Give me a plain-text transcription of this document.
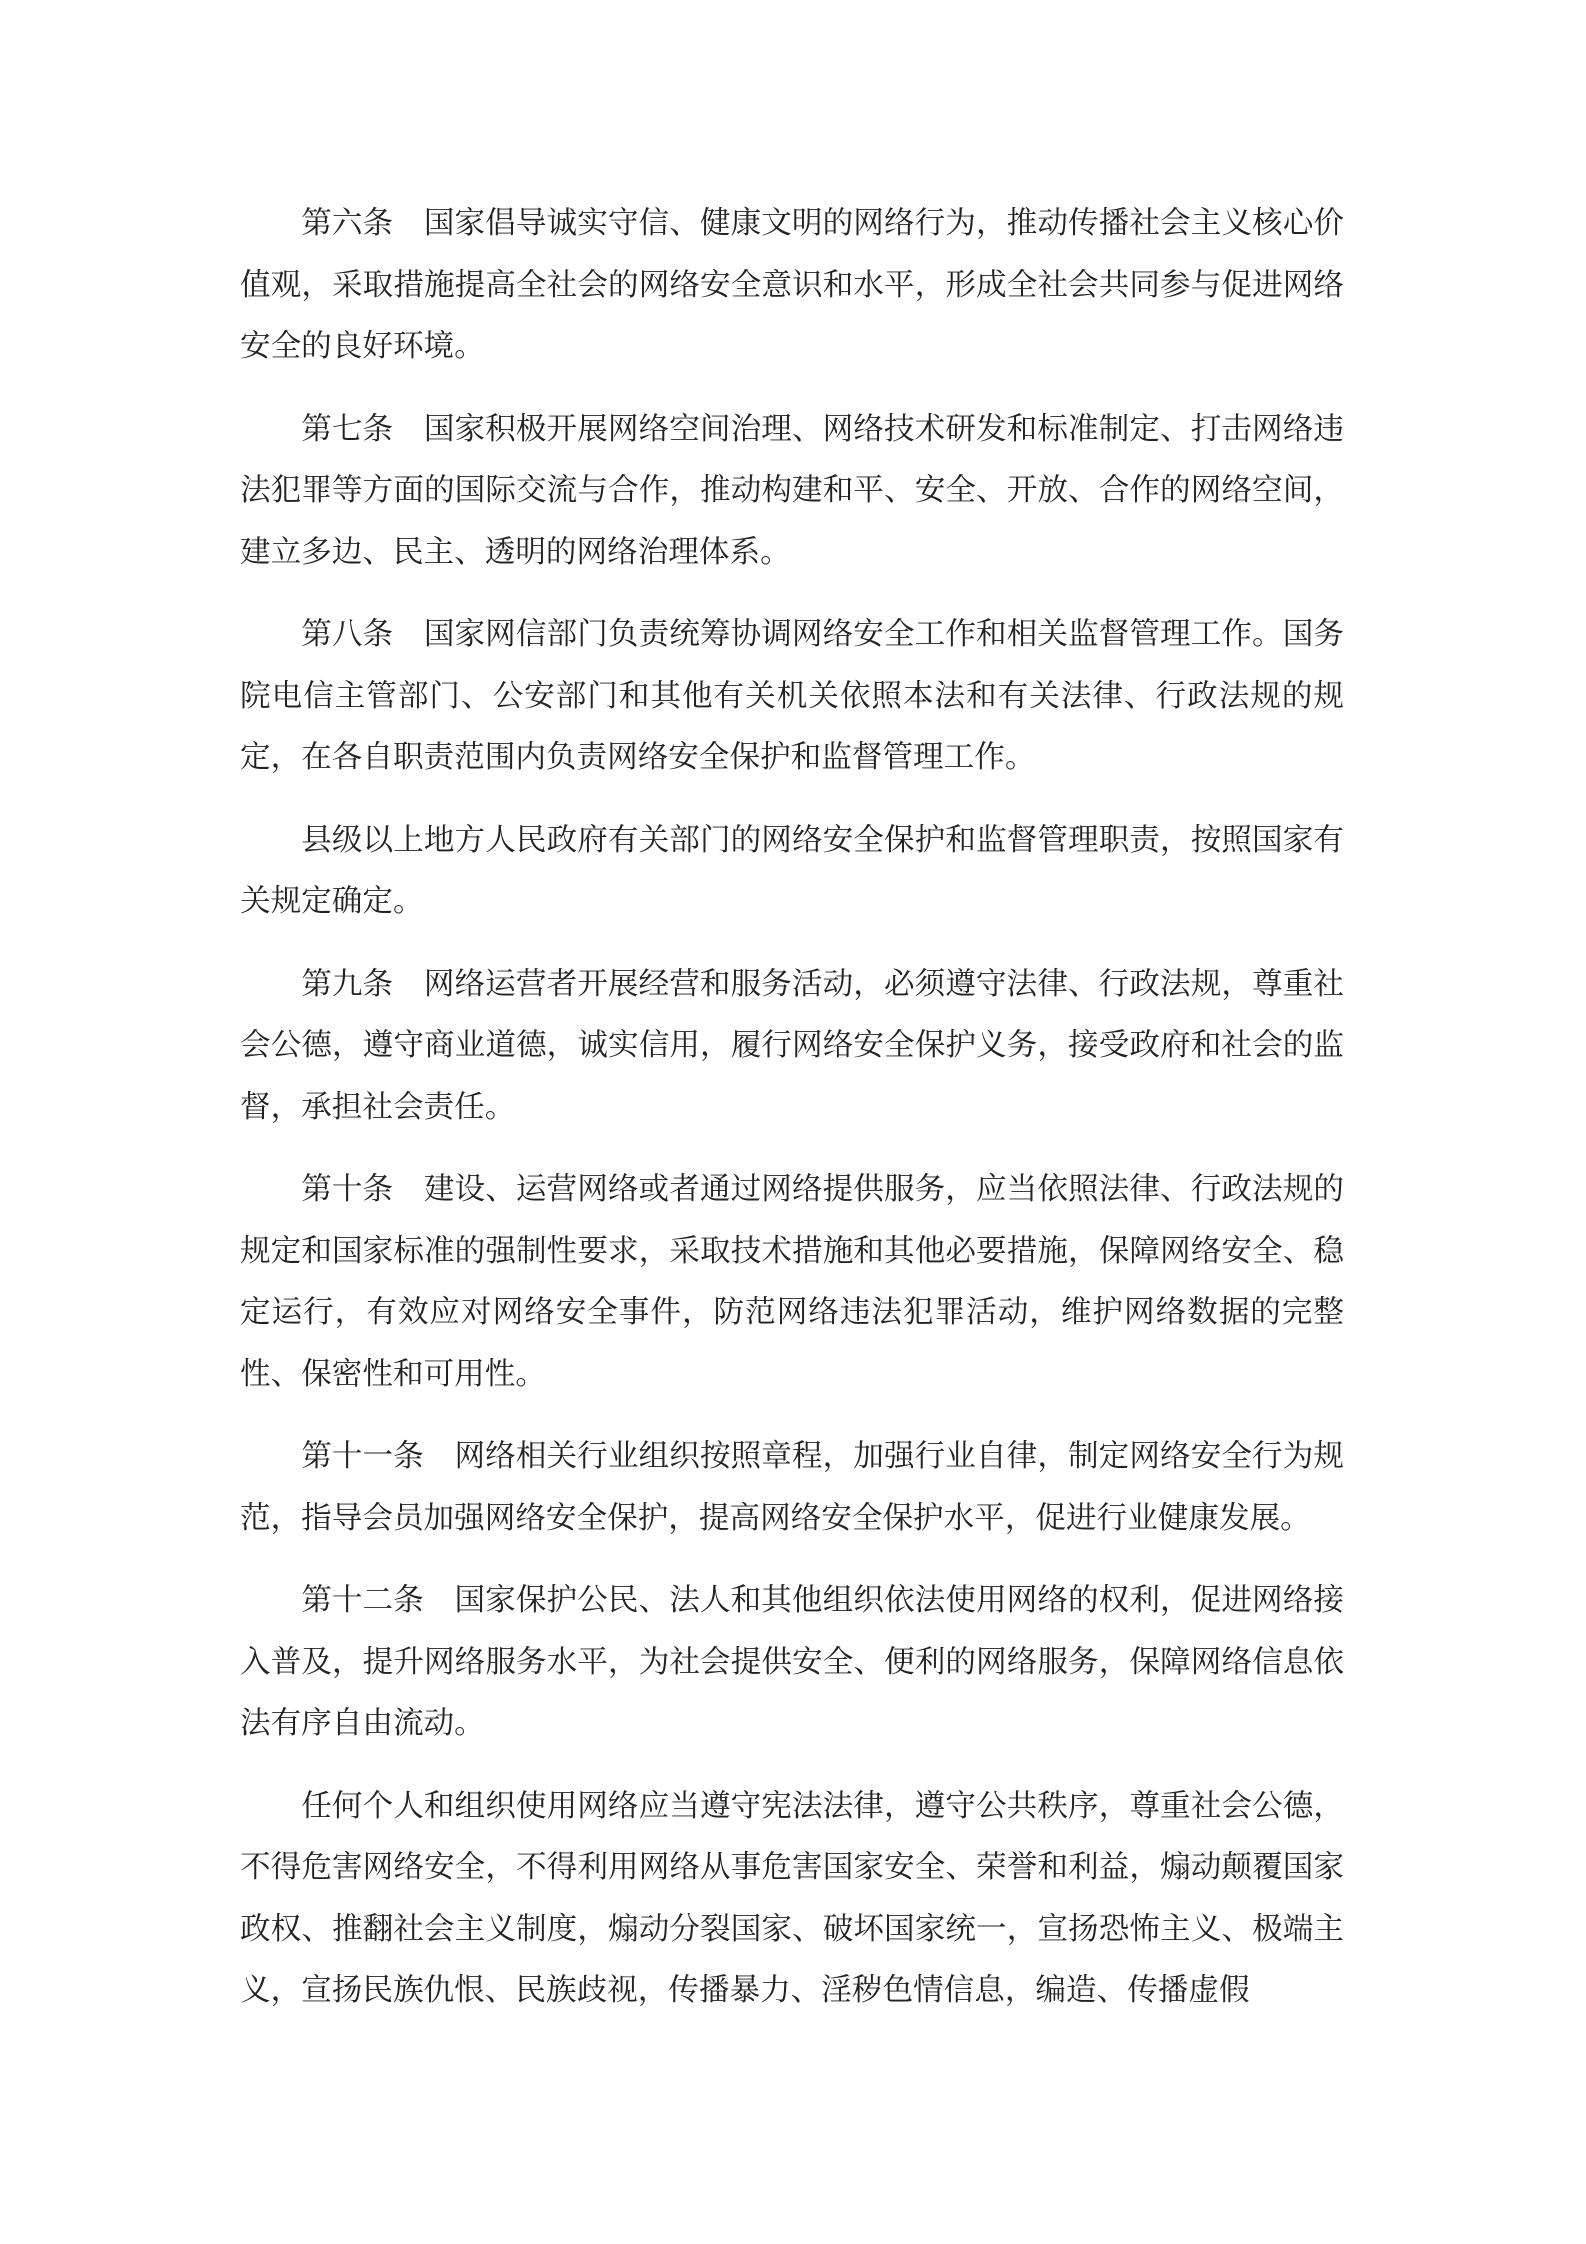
第六条 国家倡导诚实守信、健康文明的网络行为，推动传播社会主义核心价值观，采取措施提高全社会的网络安全意识和水平，形成全社会共同参与促进网络安全的良好环境。

第七条 国家积极开展网络空间治理、网络技术研发和标准制定、打击网络违法犯罪等方面的国际交流与合作，推动构建和平、安全、开放、合作的网络空间，建立多边、民主、透明的网络治理体系。

第八条 国家网信部门负责统筹协调网络安全工作和相关监督管理工作。国务院电信主管部门、公安部门和其他有关机关依照本法和有关法律、行政法规的规定，在各自职责范围内负责网络安全保护和监督管理工作。

县级以上地方人民政府有关部门的网络安全保护和监督管理职责，按照国家有关规定确定。

第九条 网络运营者开展经营和服务活动，必须遵守法律、行政法规，尊重社会公德，遵守商业道德，诚实信用，履行网络安全保护义务，接受政府和社会的监督，承担社会责任。

第十条 建设、运营网络或者通过网络提供服务，应当依照法律、行政法规的规定和国家标准的强制性要求，采取技术措施和其他必要措施，保障网络安全、稳定运行，有效应对网络安全事件，防范网络违法犯罪活动，维护网络数据的完整性、保密性和可用性。

第十一条 网络相关行业组织按照章程，加强行业自律，制定网络安全行为规范，指导会员加强网络安全保护，提高网络安全保护水平，促进行业健康发展。

第十二条 国家保护公民、法人和其他组织依法使用网络的权利，促进网络接入普及，提升网络服务水平，为社会提供安全、便利的网络服务，保障网络信息依法有序自由流动。

任何个人和组织使用网络应当遵守宪法法律，遵守公共秩序，尊重社会公德，不得危害网络安全，不得利用网络从事危害国家安全、荣誉和利益，煽动颠覆国家政权、推翻社会主义制度，煽动分裂国家、破坏国家统一，宣扬恐怖主义、极端主义，宣扬民族仇恨、民族歧视，传播暴力、淫秽色情信息，编造、传播虚假
